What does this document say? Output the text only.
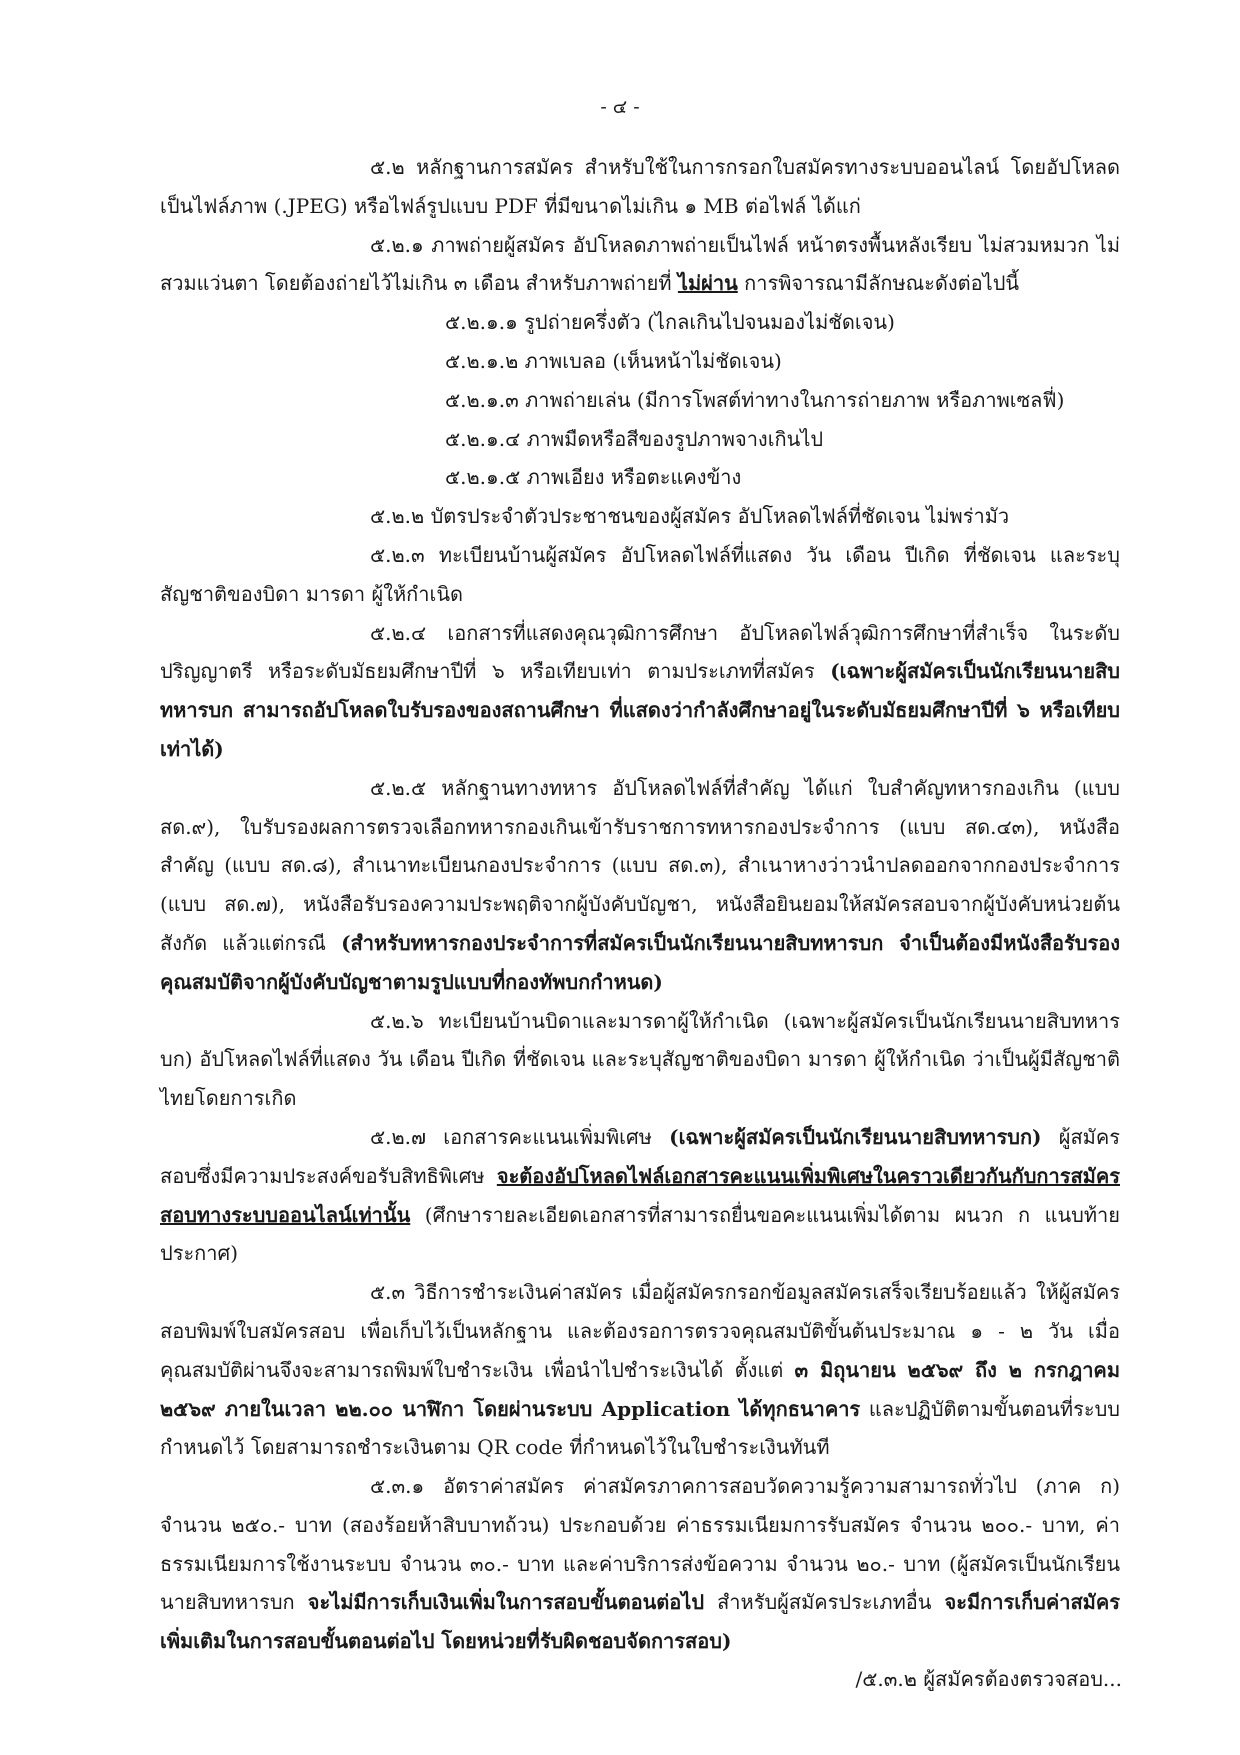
- ๔ -

๕.๒ หลักฐานการสมัคร สำหรับใช้ในการกรอกใบสมัครทางระบบออนไลน์ โดยอัปโหลดเป็นไฟล์ภาพ (.JPEG) หรือไฟล์รูปแบบ PDF ที่มีขนาดไม่เกิน ๑ MB ต่อไฟล์ ได้แก่

๕.๒.๑ ภาพถ่ายผู้สมัคร อัปโหลดภาพถ่ายเป็นไฟล์ หน้าตรงพื้นหลังเรียบ ไม่สวมหมวก ไม่สวมแว่นตา โดยต้องถ่ายไว้ไม่เกิน ๓ เดือน สำหรับภาพถ่ายที่ ไม่ผ่าน การพิจารณามีลักษณะดังต่อไปนี้

๕.๒.๑.๑ รูปถ่ายครึ่งตัว (ไกลเกินไปจนมองไม่ชัดเจน)

๕.๒.๑.๒ ภาพเบลอ (เห็นหน้าไม่ชัดเจน)

๕.๒.๑.๓ ภาพถ่ายเล่น (มีการโพสต์ท่าทางในการถ่ายภาพ หรือภาพเซลฟี่)

๕.๒.๑.๔ ภาพมืดหรือสีของรูปภาพจางเกินไป

๕.๒.๑.๕ ภาพเอียง หรือตะแคงข้าง

๕.๒.๒ บัตรประจำตัวประชาชนของผู้สมัคร อัปโหลดไฟล์ที่ชัดเจน ไม่พร่ามัว

๕.๒.๓ ทะเบียนบ้านผู้สมัคร อัปโหลดไฟล์ที่แสดง วัน เดือน ปีเกิด ที่ชัดเจน และระบุสัญชาติของบิดา มารดา ผู้ให้กำเนิด

๕.๒.๔ เอกสารที่แสดงคุณวุฒิการศึกษา อัปโหลดไฟล์วุฒิการศึกษาที่สำเร็จ ในระดับปริญญาตรี หรือระดับมัธยมศึกษาปีที่ ๖ หรือเทียบเท่า ตามประเภทที่สมัคร (เฉพาะผู้สมัครเป็นนักเรียนนายสิบทหารบก สามารถอัปโหลดใบรับรองของสถานศึกษา ที่แสดงว่ากำลังศึกษาอยู่ในระดับมัธยมศึกษาปีที่ ๖ หรือเทียบเท่าได้)

๕.๒.๕ หลักฐานทางทหาร อัปโหลดไฟล์ที่สำคัญ ได้แก่ ใบสำคัญทหารกองเกิน (แบบ สด.๙), ใบรับรองผลการตรวจเลือกทหารกองเกินเข้ารับราชการทหารกองประจำการ (แบบ สด.๔๓), หนังสือสำคัญ (แบบ สด.๘), สำเนาทะเบียนกองประจำการ (แบบ สด.๓), สำเนาหางว่าวนำปลดออกจากกองประจำการ (แบบ สด.๗), หนังสือรับรองความประพฤติจากผู้บังคับบัญชา, หนังสือยินยอมให้สมัครสอบจากผู้บังคับหน่วยต้นสังกัด แล้วแต่กรณี (สำหรับทหารกองประจำการที่สมัครเป็นนักเรียนนายสิบทหารบก จำเป็นต้องมีหนังสือรับรองคุณสมบัติจากผู้บังคับบัญชาตามรูปแบบที่กองทัพบกกำหนด)

๕.๒.๖ ทะเบียนบ้านบิดาและมารดาผู้ให้กำเนิด (เฉพาะผู้สมัครเป็นนักเรียนนายสิบทหารบก) อัปโหลดไฟล์ที่แสดง วัน เดือน ปีเกิด ที่ชัดเจน และระบุสัญชาติของบิดา มารดา ผู้ให้กำเนิด ว่าเป็นผู้มีสัญชาติไทยโดยการเกิด

๕.๒.๗ เอกสารคะแนนเพิ่มพิเศษ (เฉพาะผู้สมัครเป็นนักเรียนนายสิบทหารบก) ผู้สมัครสอบซึ่งมีความประสงค์ขอรับสิทธิพิเศษ จะต้องอัปโหลดไฟล์เอกสารคะแนนเพิ่มพิเศษในคราวเดียวกันกับการสมัครสอบทางระบบออนไลน์เท่านั้น (ศึกษารายละเอียดเอกสารที่สามารถยื่นขอคะแนนเพิ่มได้ตาม ผนวก ก แนบท้ายประกาศ)

๕.๓ วิธีการชำระเงินค่าสมัคร เมื่อผู้สมัครกรอกข้อมูลสมัครเสร็จเรียบร้อยแล้ว ให้ผู้สมัครสอบพิมพ์ใบสมัครสอบ เพื่อเก็บไว้เป็นหลักฐาน และต้องรอการตรวจคุณสมบัติขั้นต้นประมาณ ๑ - ๒ วัน เมื่อคุณสมบัติผ่านจึงจะสามารถพิมพ์ใบชำระเงิน เพื่อนำไปชำระเงินได้ ตั้งแต่ ๓ มิถุนายน ๒๕๖๙ ถึง ๒ กรกฎาคม ๒๕๖๙ ภายในเวลา ๒๒.๐๐ นาฬิกา โดยผ่านระบบ Application ได้ทุกธนาคาร และปฏิบัติตามขั้นตอนที่ระบบกำหนดไว้ โดยสามารถชำระเงินตาม QR code ที่กำหนดไว้ในใบชำระเงินทันที

๕.๓.๑ อัตราค่าสมัคร ค่าสมัครภาคการสอบวัดความรู้ความสามารถทั่วไป (ภาค ก) จำนวน ๒๕๐.- บาท (สองร้อยห้าสิบบาทถ้วน) ประกอบด้วย ค่าธรรมเนียมการรับสมัคร จำนวน ๒๐๐.- บาท, ค่าธรรมเนียมการใช้งานระบบ จำนวน ๓๐.- บาท และค่าบริการส่งข้อความ จำนวน ๒๐.- บาท (ผู้สมัครเป็นนักเรียนนายสิบทหารบก จะไม่มีการเก็บเงินเพิ่มในการสอบขั้นตอนต่อไป สำหรับผู้สมัครประเภทอื่น จะมีการเก็บค่าสมัครเพิ่มเติมในการสอบขั้นตอนต่อไป โดยหน่วยที่รับผิดชอบจัดการสอบ)

/๕.๓.๒ ผู้สมัครต้องตรวจสอบ...
